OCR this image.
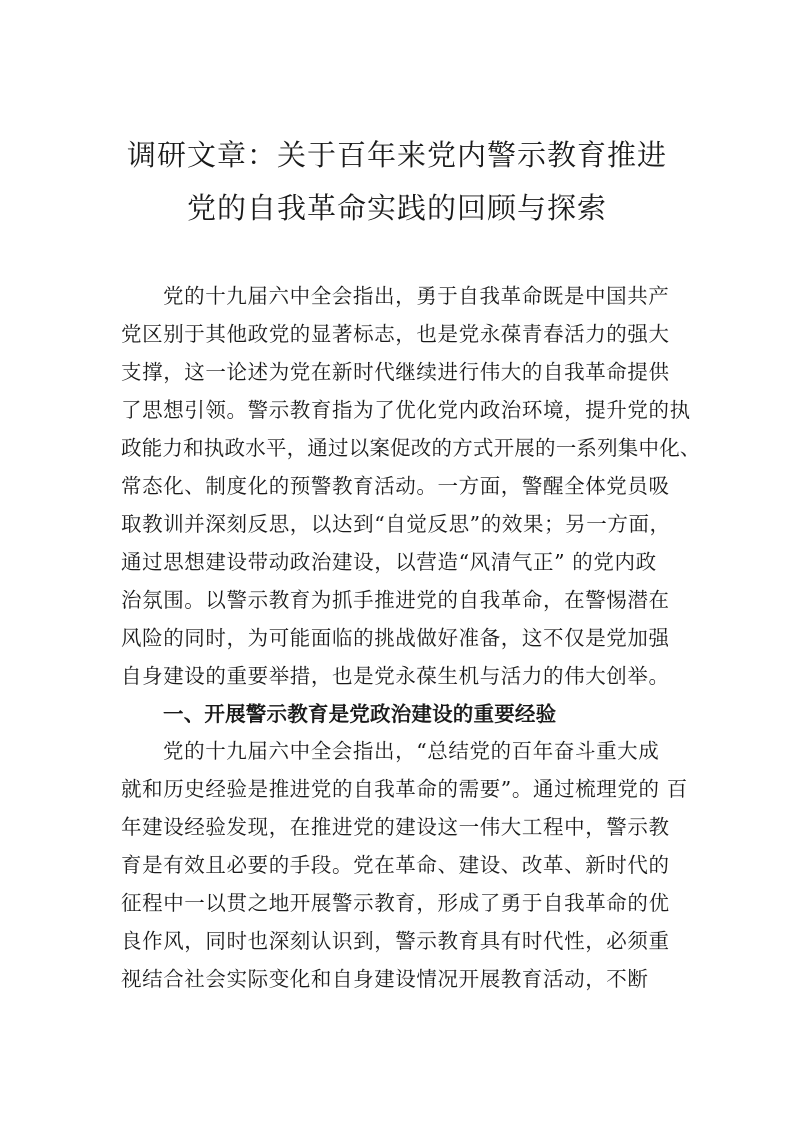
调研文章：关于百年来党内警示教育推进
党的自我革命实践的回顾与探索
党的十九届六中全会指出，勇于自我革命既是中国共产
党区别于其他政党的显著标志，也是党永葆青春活力的强大
支撑，这一论述为党在新时代继续进行伟大的自我革命提供
了思想引领。警示教育指为了优化党内政治环境，提升党的执
政能力和执政水平，通过以案促改的方式开展的一系列集中化、
常态化、制度化的预警教育活动。一方面，警醒全体党员吸
取教训并深刻反思，以达到“自觉反思”的效果；另一方面，
通过思想建设带动政治建设，以营造“风清气正” 的党内政
治氛围。以警示教育为抓手推进党的自我革命，在警惕潜在
风险的同时，为可能面临的挑战做好准备，这不仅是党加强
自身建设的重要举措，也是党永葆生机与活力的伟大创举。
一、开展警示教育是党政治建设的重要经验
党的十九届六中全会指出，“总结党的百年奋斗重大成
就和历史经验是推进党的自我革命的需要”。通过梳理党的 百
年建设经验发现，在推进党的建设这一伟大工程中，警示教
育是有效且必要的手段。党在革命、建设、改革、新时代的
征程中一以贯之地开展警示教育，形成了勇于自我革命的优
良作风，同时也深刻认识到，警示教育具有时代性，必须重
视结合社会实际变化和自身建设情况开展教育活动，不断
